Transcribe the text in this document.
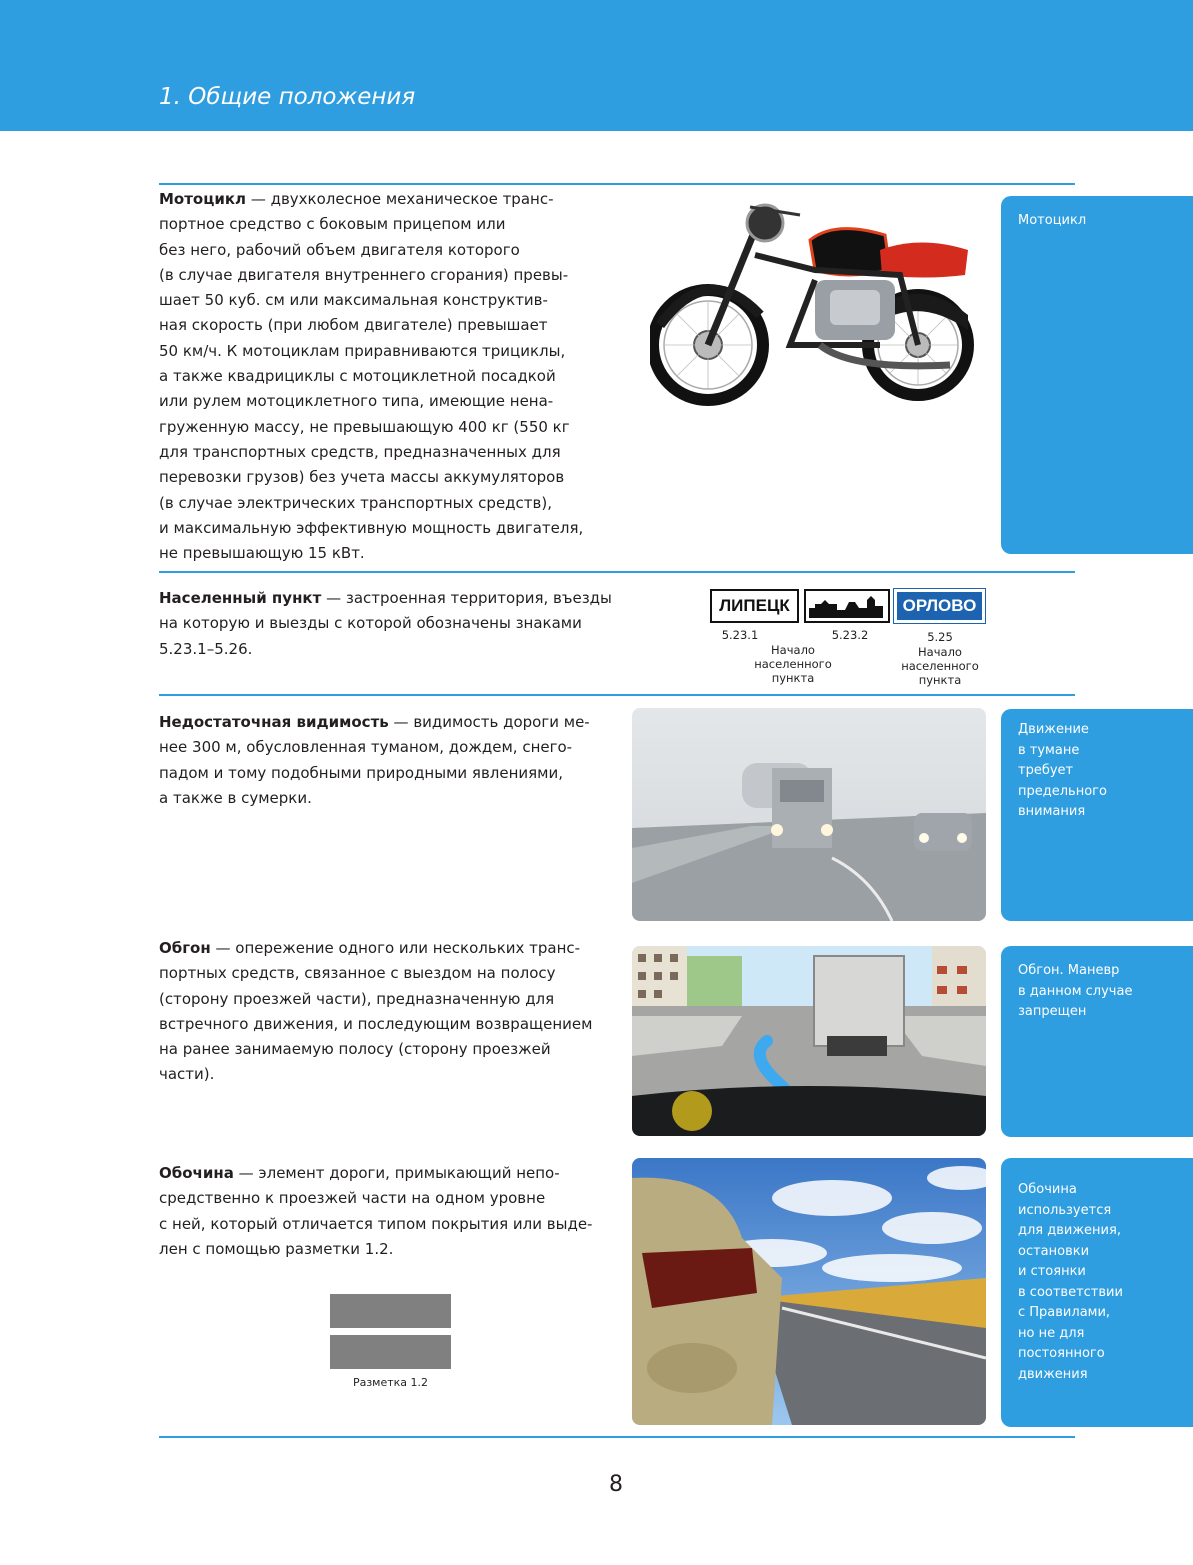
1. Общие положения
Мотоцикл — двухколесное механическое транс-
портное средство с боковым прицепом или
без него, рабочий объем двигателя которого
(в случае двигателя внутреннего сгорания) превы-
шает 50 куб. см или максимальная конструктив-
ная скорость (при любом двигателе) превышает
50 км/ч. К мотоциклам приравниваются трициклы,
а также квадрициклы с мотоциклетной посадкой
или рулем мотоциклетного типа, имеющие нена-
груженную массу, не превышающую 400 кг (550 кг
для транспортных средств, предназначенных для
перевозки грузов) без учета массы аккумуляторов
(в случае электрических транспортных средств),
и максимальную эффективную мощность двигателя,
не превышающую 15 кВт.
Мотоцикл
Населенный пункт — застроенная территория, въезды
на которую и выезды с которой обозначены знаками
5.23.1–5.26.
ЛИПЕЦК	ОРЛОВО
5.23.1	5.23.2	5.25
Начало
населенного
пункта
Начало
населенного
пункта
Недостаточная видимость — видимость дороги ме-
нее 300 м, обусловленная туманом, дождем, снего-
падом и тому подобными природными явлениями,
а также в сумерки.
Движение
в тумане
требует
предельного
внимания
Обгон — опережение одного или нескольких транс-
портных средств, связанное с выездом на полосу
(сторону проезжей части), предназначенную для
встречного движения, и последующим возвращением
на ранее занимаемую полосу (сторону проезжей
части).
Обгон. Маневр
в данном случае
запрещен
Обочина — элемент дороги, примыкающий непо-
средственно к проезжей части на одном уровне
с ней, который отличается типом покрытия или выде-
лен с помощью разметки 1.2.
Разметка 1.2
Обочина
используется
для движения,
остановки
и стоянки
в соответствии
с Правилами,
но не для
постоянного
движения
8
